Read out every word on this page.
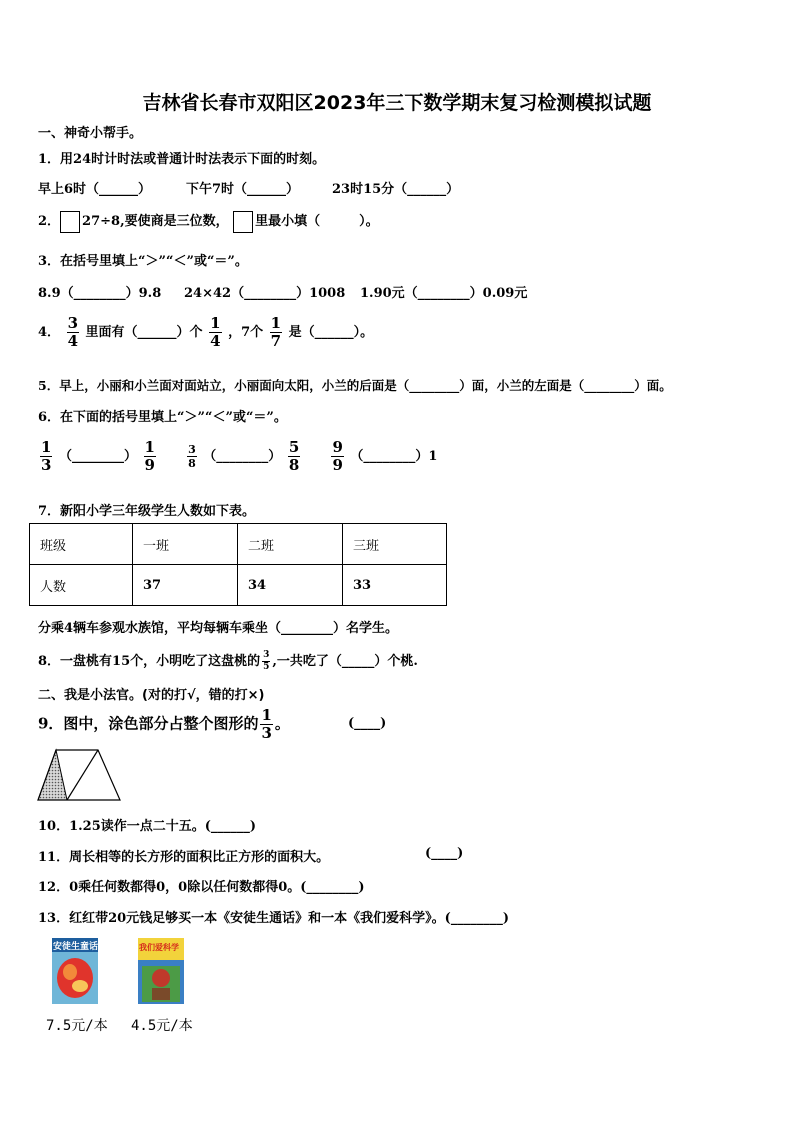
吉林省长春市双阳区2023年三下数学期末复习检测模拟试题
一、神奇小帮手。
1．用24时计时法或普通计时法表示下面的时刻。
早上6时（______）	下午7时（______）	23时15分（______）
2． 27÷8,要使商是三位数， 里最小填（　　　）。
3．在括号里填上“＞”“＜”或“＝”。
8.9（________）9.8 24×42（________）1008 1.90元（________）0.09元
4． $\frac{3}{4}$ 里面有（______）个 $\frac{1}{4}$ ，7个 $\frac{1}{7}$ 是（______）。
5．早上，小丽和小兰面对面站立，小丽面向太阳，小兰的后面是（________）面，小兰的左面是（________）面。
6．在下面的括号里填上“＞”“＜”或“＝”。
$\frac{1}{3}$ （________） $\frac{1}{9}$
	$\frac{3}{8}$ （________） $\frac{5}{8}$
$\frac{9}{9}$ （________）1
7．新阳小学三年级学生人数如下表。
班级	一班	二班	三班
人数	37	34	33
分乘4辆车参观水族馆，平均每辆车乘坐（________）名学生。
8．一盘桃有15个，小明吃了这盘桃的 $\frac{3}{5}$ ,一共吃了（_____）个桃.
二、我是小法官。(对的打√，错的打×)
9．图中，涂色部分占整个图形的 $\frac{1}{3}$ 。	(____)
10．1.25读作一点二十五。(______)
11．周长相等的长方形的面积比正方形的面积大。	(____)
12．0乘任何数都得0，0除以任何数都得0。(________)
13．红红带20元钱足够买一本《安徒生通话》和一本《我们爱科学》。(________)
安徒生童话	我们爱科学
7.5元/本 4.5元/本
